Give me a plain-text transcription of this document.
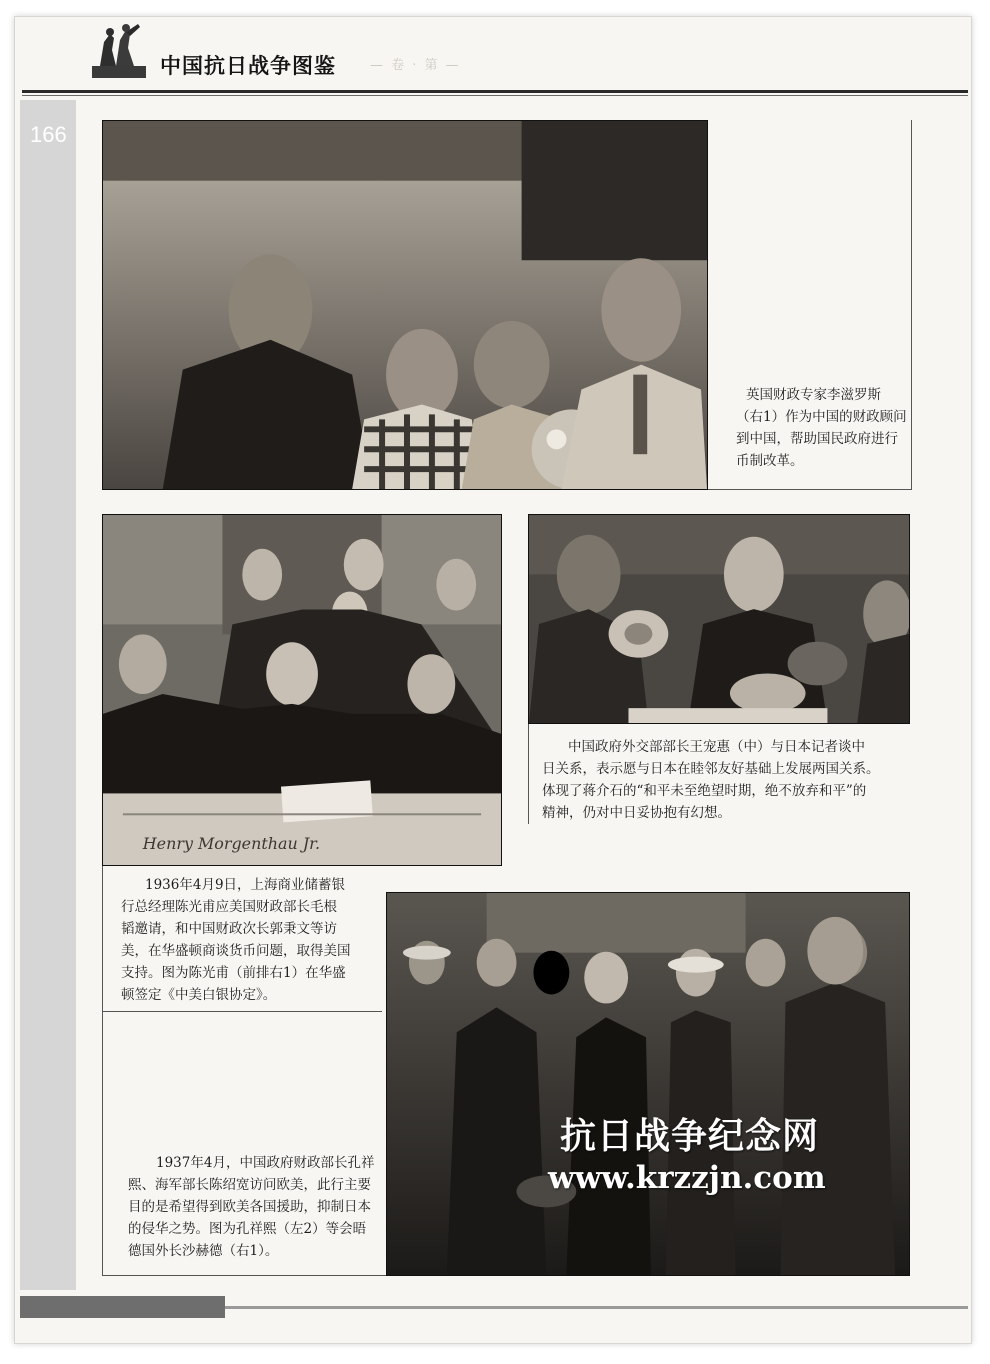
中国抗日战争图鉴	— 卷 · 第 —
166
英国财政专家李滋罗斯
（右1）作为中国的财政顾问
到中国，帮助国民政府进行
币制改革。
Henry Morgenthau Jr.
1936年4月9日，上海商业储蓄银
行总经理陈光甫应美国财政部长毛根
韬邀请，和中国财政次长郭秉文等访
美，在华盛顿商谈货币问题，取得美国
支持。图为陈光甫（前排右1）在华盛
顿签定《中美白银协定》。
中国政府外交部部长王宠惠（中）与日本记者谈中
日关系，表示愿与日本在睦邻友好基础上发展两国关系。
体现了蒋介石的“和平未至绝望时期，绝不放弃和平”的
精神，仍对中日妥协抱有幻想。
1937年4月，中国政府财政部长孔祥
熙、海军部长陈绍宽访问欧美，此行主要
目的是希望得到欧美各国援助，抑制日本
的侵华之势。图为孔祥熙（左2）等会晤
德国外长沙赫德（右1）。
抗日战争纪念网
www.krzzjn.com
